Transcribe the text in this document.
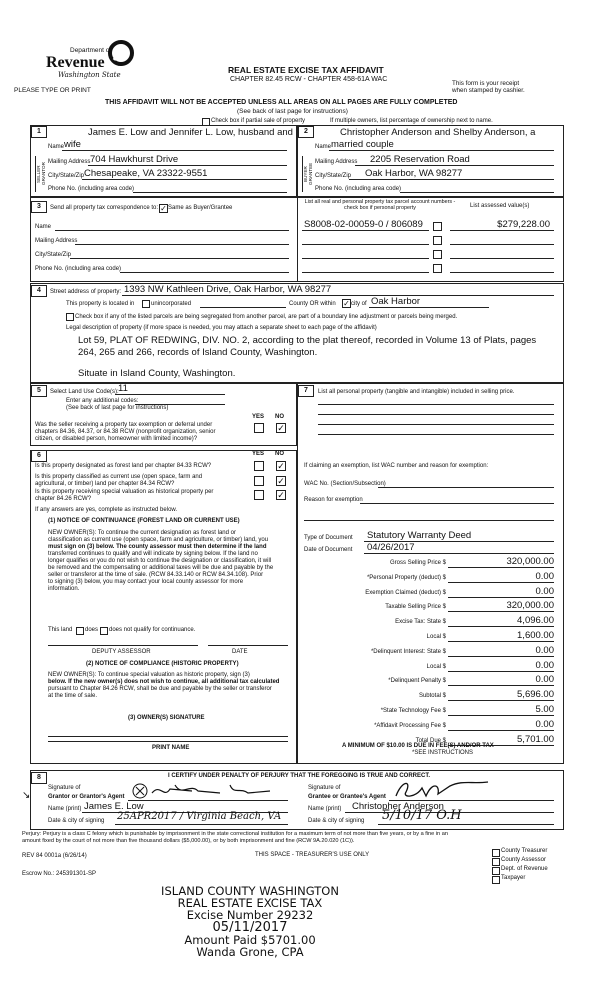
Department of
Revenue
Washington State
PLEASE TYPE OR PRINT
REAL ESTATE EXCISE TAX AFFIDAVIT
CHAPTER 82.45 RCW - CHAPTER 458-61A WAC
This form is your receipt
when stamped by cashier.
THIS AFFIDAVIT WILL NOT BE ACCEPTED UNLESS ALL AREAS ON ALL PAGES ARE FULLY COMPLETED
(See back of last page for instructions)
Check box if partial sale of property	If multiple owners, list percentage of ownership next to name.
1	2
SELLER GRANTOR	BUYER GRANTEE
James E. Low and Jennifer L. Low, husband and
Name wife
Mailing Address 704 Hawkhurst Drive
City/State/Zip Chesapeake, VA 23322-9551
Phone No. (including area code)
Christopher Anderson and Shelby Anderson, a
Name married couple
Mailing Address 2205 Reservation Road
City/State/Zip Oak Harbor, WA 98277
Phone No. (including area code)
3	Send all property tax correspondence to: ✓ Same as Buyer/Grantee
List all real and personal property tax parcel account numbers - check box if personal property	List assessed value(s)
S8008-02-00059-0 / 806089	$279,228.00
Name
Mailing Address
City/State/Zip
Phone No. (including area code)
4	Street address of property: 1393 NW Kathleen Drive, Oak Harbor, WA 98277
This property is located in	unincorporated	County OR within ✓ city of Oak Harbor
Check box if any of the listed parcels are being segregated from another parcel, are part of a boundary line adjustment or parcels being merged.
Legal description of property (if more space is needed, you may attach a separate sheet to each page of the affidavit)
Lot 59, PLAT OF REDWING, DIV. NO. 2, according to the plat thereof, recorded in Volume 13 of Plats, pages
264, 265 and 266, records of Island County, Washington.
Situate in Island County, Washington.
5	Select Land Use Code(s): 11
Enter any additional codes:
(See back of last page for instructions)
YES NO
Was the seller receiving a property tax exemption or deferral under
chapters 84.36, 84.37, or 84.38 RCW (nonprofit organization, senior
citizen, or disabled person, homeowner with limited income)?
✓
6	YES NO
Is this property designated as forest land per chapter 84.33 RCW?	✓
Is this property classified as current use (open space, farm and
agricultural, or timber) land per chapter 84.34 RCW?	✓
Is this property receiving special valuation as historical property per
chapter 84.26 RCW?	✓
If any answers are yes, complete as instructed below.
(1) NOTICE OF CONTINUANCE (FOREST LAND OR CURRENT USE)
NEW OWNER(S): To continue the current designation as forest land or
classification as current use (open space, farm and agriculture, or timber) land, you
must sign on (3) below. The county assessor must then determine if the land
transferred continues to qualify and will indicate by signing below. If the land no
longer qualifies or you do not wish to continue the designation or classification, it will
be removed and the compensating or additional taxes will be due and payable by the
seller or transferor at the time of sale. (RCW 84.33.140 or RCW 84.34.108). Prior
to signing (3) below, you may contact your local county assessor for more
information.
This land does does not qualify for continuance.
DEPUTY ASSESSOR	DATE
(2) NOTICE OF COMPLIANCE (HISTORIC PROPERTY)
NEW OWNER(S): To continue special valuation as historic property, sign (3)
below. If the new owner(s) does not wish to continue, all additional tax calculated
pursuant to Chapter 84.26 RCW, shall be due and payable by the seller or transferor
at the time of sale.
(3) OWNER(S) SIGNATURE
PRINT NAME
7	List all personal property (tangible and intangible) included in selling price.
If claiming an exemption, list WAC number and reason for exemption:
WAC No. (Section/Subsection)
Reason for exemption
Type of Document Statutory Warranty Deed
Date of Document 04/26/2017
Gross Selling Price $	320,000.00
*Personal Property (deduct) $	0.00
Exemption Claimed (deduct) $	0.00
Taxable Selling Price $	320,000.00
Excise Tax: State $	4,096.00
Local $	1,600.00
*Delinquent Interest: State $	0.00
Local $	0.00
*Delinquent Penalty $	0.00
Subtotal $	5,696.00
*State Technology Fee $	5.00
*Affidavit Processing Fee $	0.00
Total Due $	5,701.00
A MINIMUM OF $10.00 IS DUE IN FEE(S) AND/OR TAX
*SEE INSTRUCTIONS
8	I CERTIFY UNDER PENALTY OF PERJURY THAT THE FOREGOING IS TRUE AND CORRECT.
Signature of
Grantor or Grantor's Agent
↘
Name (print) James E. Low
Date & city of signing 25APR2017 / Virginia Beach, VA
Signature of
Grantee or Grantee's Agent
Name (print) Christopher Anderson
Date & city of signing 5/10/17 O.H
Perjury: Perjury is a class C felony which is punishable by imprisonment in the state correctional institution for a maximum term of not more than five years, or by a fine in an
amount fixed by the court of not more than five thousand dollars ($5,000.00), or by both imprisonment and fine (RCW 9A.20.020 (1C)).
REV 84 0001a (6/26/14)	THIS SPACE - TREASURER'S USE ONLY
Escrow No.: 245391301-SP
County Treasurer
County Assessor
Dept. of Revenue
Taxpayer
ISLAND COUNTY WASHINGTON
REAL ESTATE EXCISE TAX
Excise Number 29232
05/11/2017
Amount Paid $5701.00
Wanda Grone, CPA
